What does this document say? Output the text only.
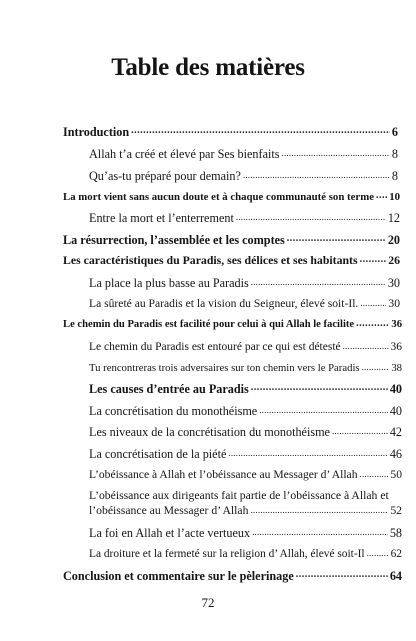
Table des matières
Introduction .....	6
Allah t’a créé et élevé par Ses bienfaits .....	8
Qu’as-tu préparé pour demain? .....	8
La mort vient sans aucun doute et à chaque communauté son terme ..... 10
Entre la mort et l’enterrement .....	12
La résurrection, l’assemblée et les comptes .....	20
Les caractéristiques du Paradis, ses délices et ses habitants .....	26
La place la plus basse au Paradis .....	30
La sûreté au Paradis et la vision du Seigneur, élevé soit-Il. .....	30
Le chemin du Paradis est facilité pour celui à qui Allah le facilite .....	36
Le chemin du Paradis est entouré par ce qui est détesté .....	36
Tu rencontreras trois adversaires sur ton chemin vers le Paradis .....	38
Les causes d’entrée au Paradis .....	40
La concrétisation du monothéisme .....	40
Les niveaux de la concrétisation du monothéisme .....	42
La concrétisation de la piété .....	46
L’obéissance à Allah et l’obéissance au Messager d’ Allah .....	50
L’obéissance aux dirigeants fait partie de l’obéissance à Allah et
l’obéissance au Messager d’ Allah .....	52
La foi en Allah et l’acte vertueux .....	58
La droiture et la fermeté sur la religion d’ Allah, élevé soit-Il ..... 62
Conclusion et commentaire sur le pèlerinage .....	64
72
